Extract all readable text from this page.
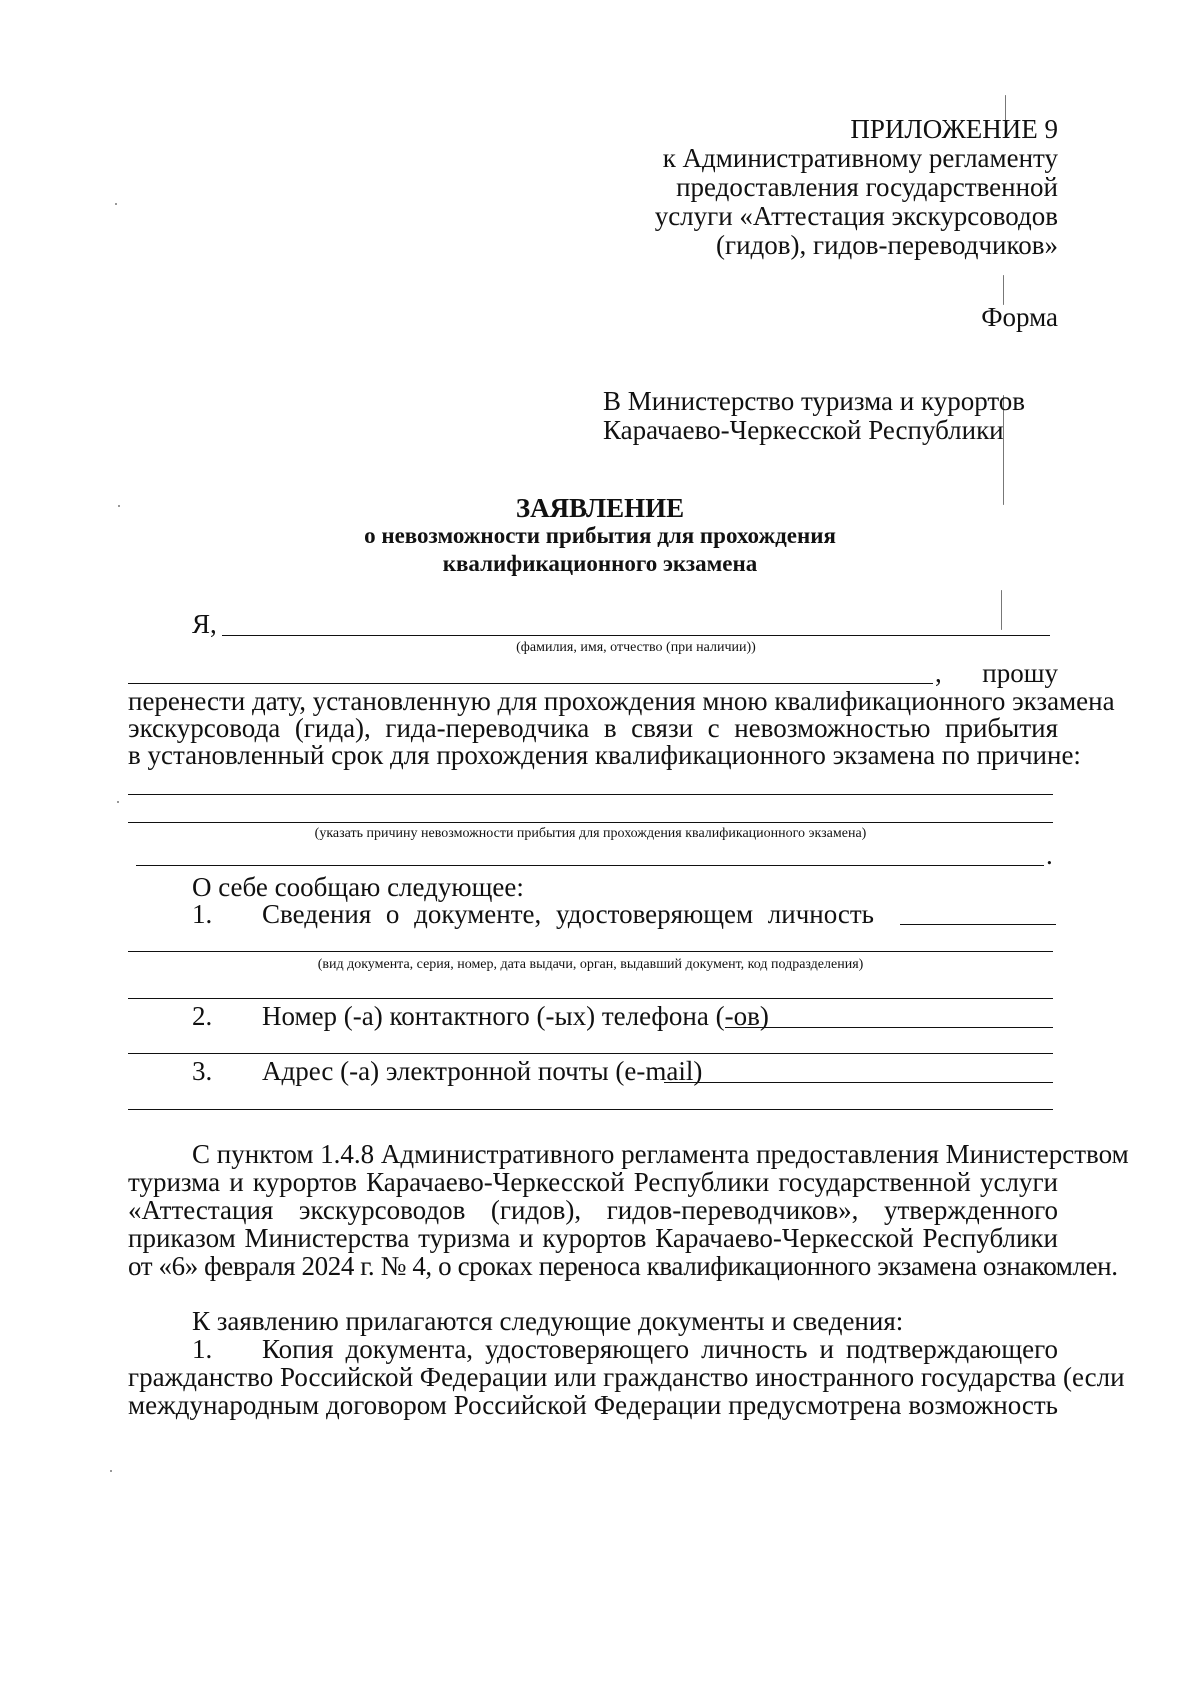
ПРИЛОЖЕНИЕ 9
к Административному регламенту
предоставления государственной
услуги «Аттестация экскурсоводов
(гидов), гидов-переводчиков»
Форма
В Министерство туризма и курортов
Карачаево-Черкесской Республики
ЗАЯВЛЕНИЕ
о невозможности прибытия для прохождения
квалификационного экзамена
Я,
(фамилия, имя, отчество (при наличии))
, прошу
перенести дату, установленную для прохождения мною квалификационного экзамена
экскурсовода (гида), гида-переводчика в связи с невозможностью прибытия
в установленный срок для прохождения квалификационного экзамена по причине:
(указать причину невозможности прибытия для прохождения квалификационного экзамена)
.
О себе сообщаю следующее:
1. Сведения о документе, удостоверяющем личность
(вид документа, серия, номер, дата выдачи, орган, выдавший документ, код подразделения)
2. Номер (-а) контактного (-ых) телефона (-ов)
3. Адрес (-а) электронной почты (e-mail)
С пунктом 1.4.8 Административного регламента предоставления Министерством
туризма и курортов Карачаево-Черкесской Республики государственной услуги
«Аттестация экскурсоводов (гидов), гидов-переводчиков», утвержденного
приказом Министерства туризма и курортов Карачаево-Черкесской Республики
от «6» февраля 2024 г. № 4, о сроках переноса квалификационного экзамена ознакомлен.
К заявлению прилагаются следующие документы и сведения:
1. Копия документа, удостоверяющего личность и подтверждающего
гражданство Российской Федерации или гражданство иностранного государства (если
международным договором Российской Федерации предусмотрена возможность
